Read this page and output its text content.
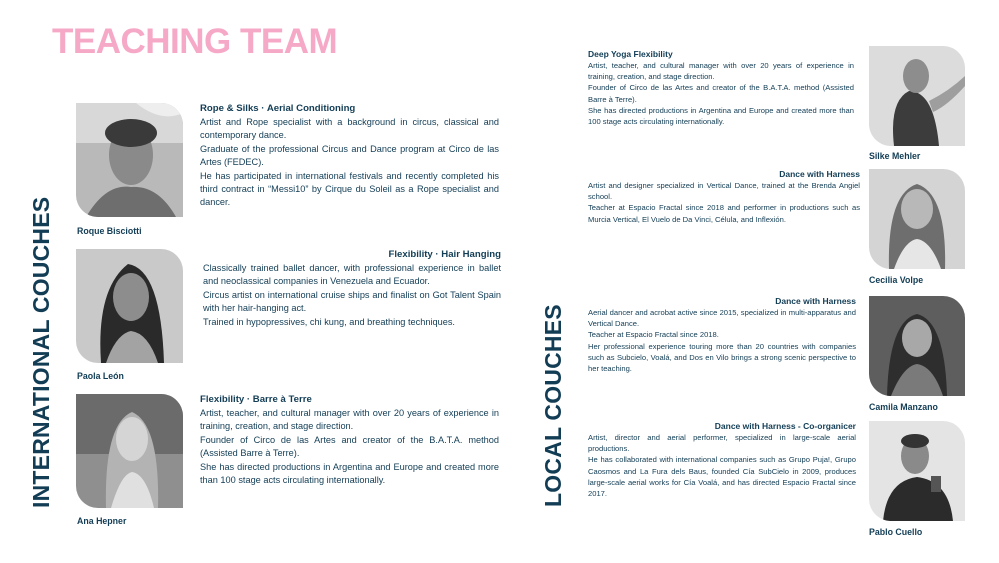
TEACHING TEAM
INTERNATIONAL COUCHES	LOCAL COUCHES
Roque Bisciotti
Rope & Silks · Aerial Conditioning

Artist and Rope specialist with a background in circus, classical and contemporary dance.

Graduate of the professional Circus and Dance program at Circo de las Artes (FEDEC).

He has participated in international festivals and recently completed his third contract in “Messi10” by Cirque du Soleil as a Rope specialist and dancer.

Paola León
Flexibility · Hair Hanging

Classically trained ballet dancer, with professional experience in ballet and neoclassical companies in Venezuela and Ecuador.

Circus artist on international cruise ships and finalist on Got Talent Spain with her hair-hanging act.

Trained in hypopressives, chi kung, and breathing techniques.

Ana Hepner
Flexibility · Barre à Terre

Artist, teacher, and cultural manager with over 20 years of experience in training, creation, and stage direction.

Founder of Circo de las Artes and creator of the B.A.T.A. method (Assisted Barre à Terre).

She has directed productions in Argentina and Europe and created more than 100 stage acts circulating internationally.

Deep Yoga Flexibility

Artist, teacher, and cultural manager with over 20 years of experience in training, creation, and stage direction.

Founder of Circo de las Artes and creator of the B.A.T.A. method (Assisted Barre à Terre).

She has directed productions in Argentina and Europe and created more than 100 stage acts circulating internationally.

Silke Mehler
Dance with Harness

Artist and designer specialized in Vertical Dance, trained at the Brenda Angiel school.

Teacher at Espacio Fractal since 2018 and performer in productions such as Murcia Vertical, El Vuelo de Da Vinci, Célula, and Inflexión.

Cecilia Volpe
Dance with Harness

Aerial dancer and acrobat active since 2015, specialized in multi-apparatus and Vertical Dance.

Teacher at Espacio Fractal since 2018.

Her professional experience touring more than 20 countries with companies such as Subcielo, Voalá, and Dos en Vilo brings a strong scenic perspective to her teaching.

Camila Manzano
Dance with Harness - Co-organicer

Artist, director and aerial performer, specialized in large-scale aerial productions.

He has collaborated with international companies such as Grupo Puja!, Grupo Caosmos and La Fura dels Baus, founded Cía SubCielo in 2009, produces large-scale aerial works for Cía Voalá, and has directed Espacio Fractal since 2017.

Pablo Cuello
